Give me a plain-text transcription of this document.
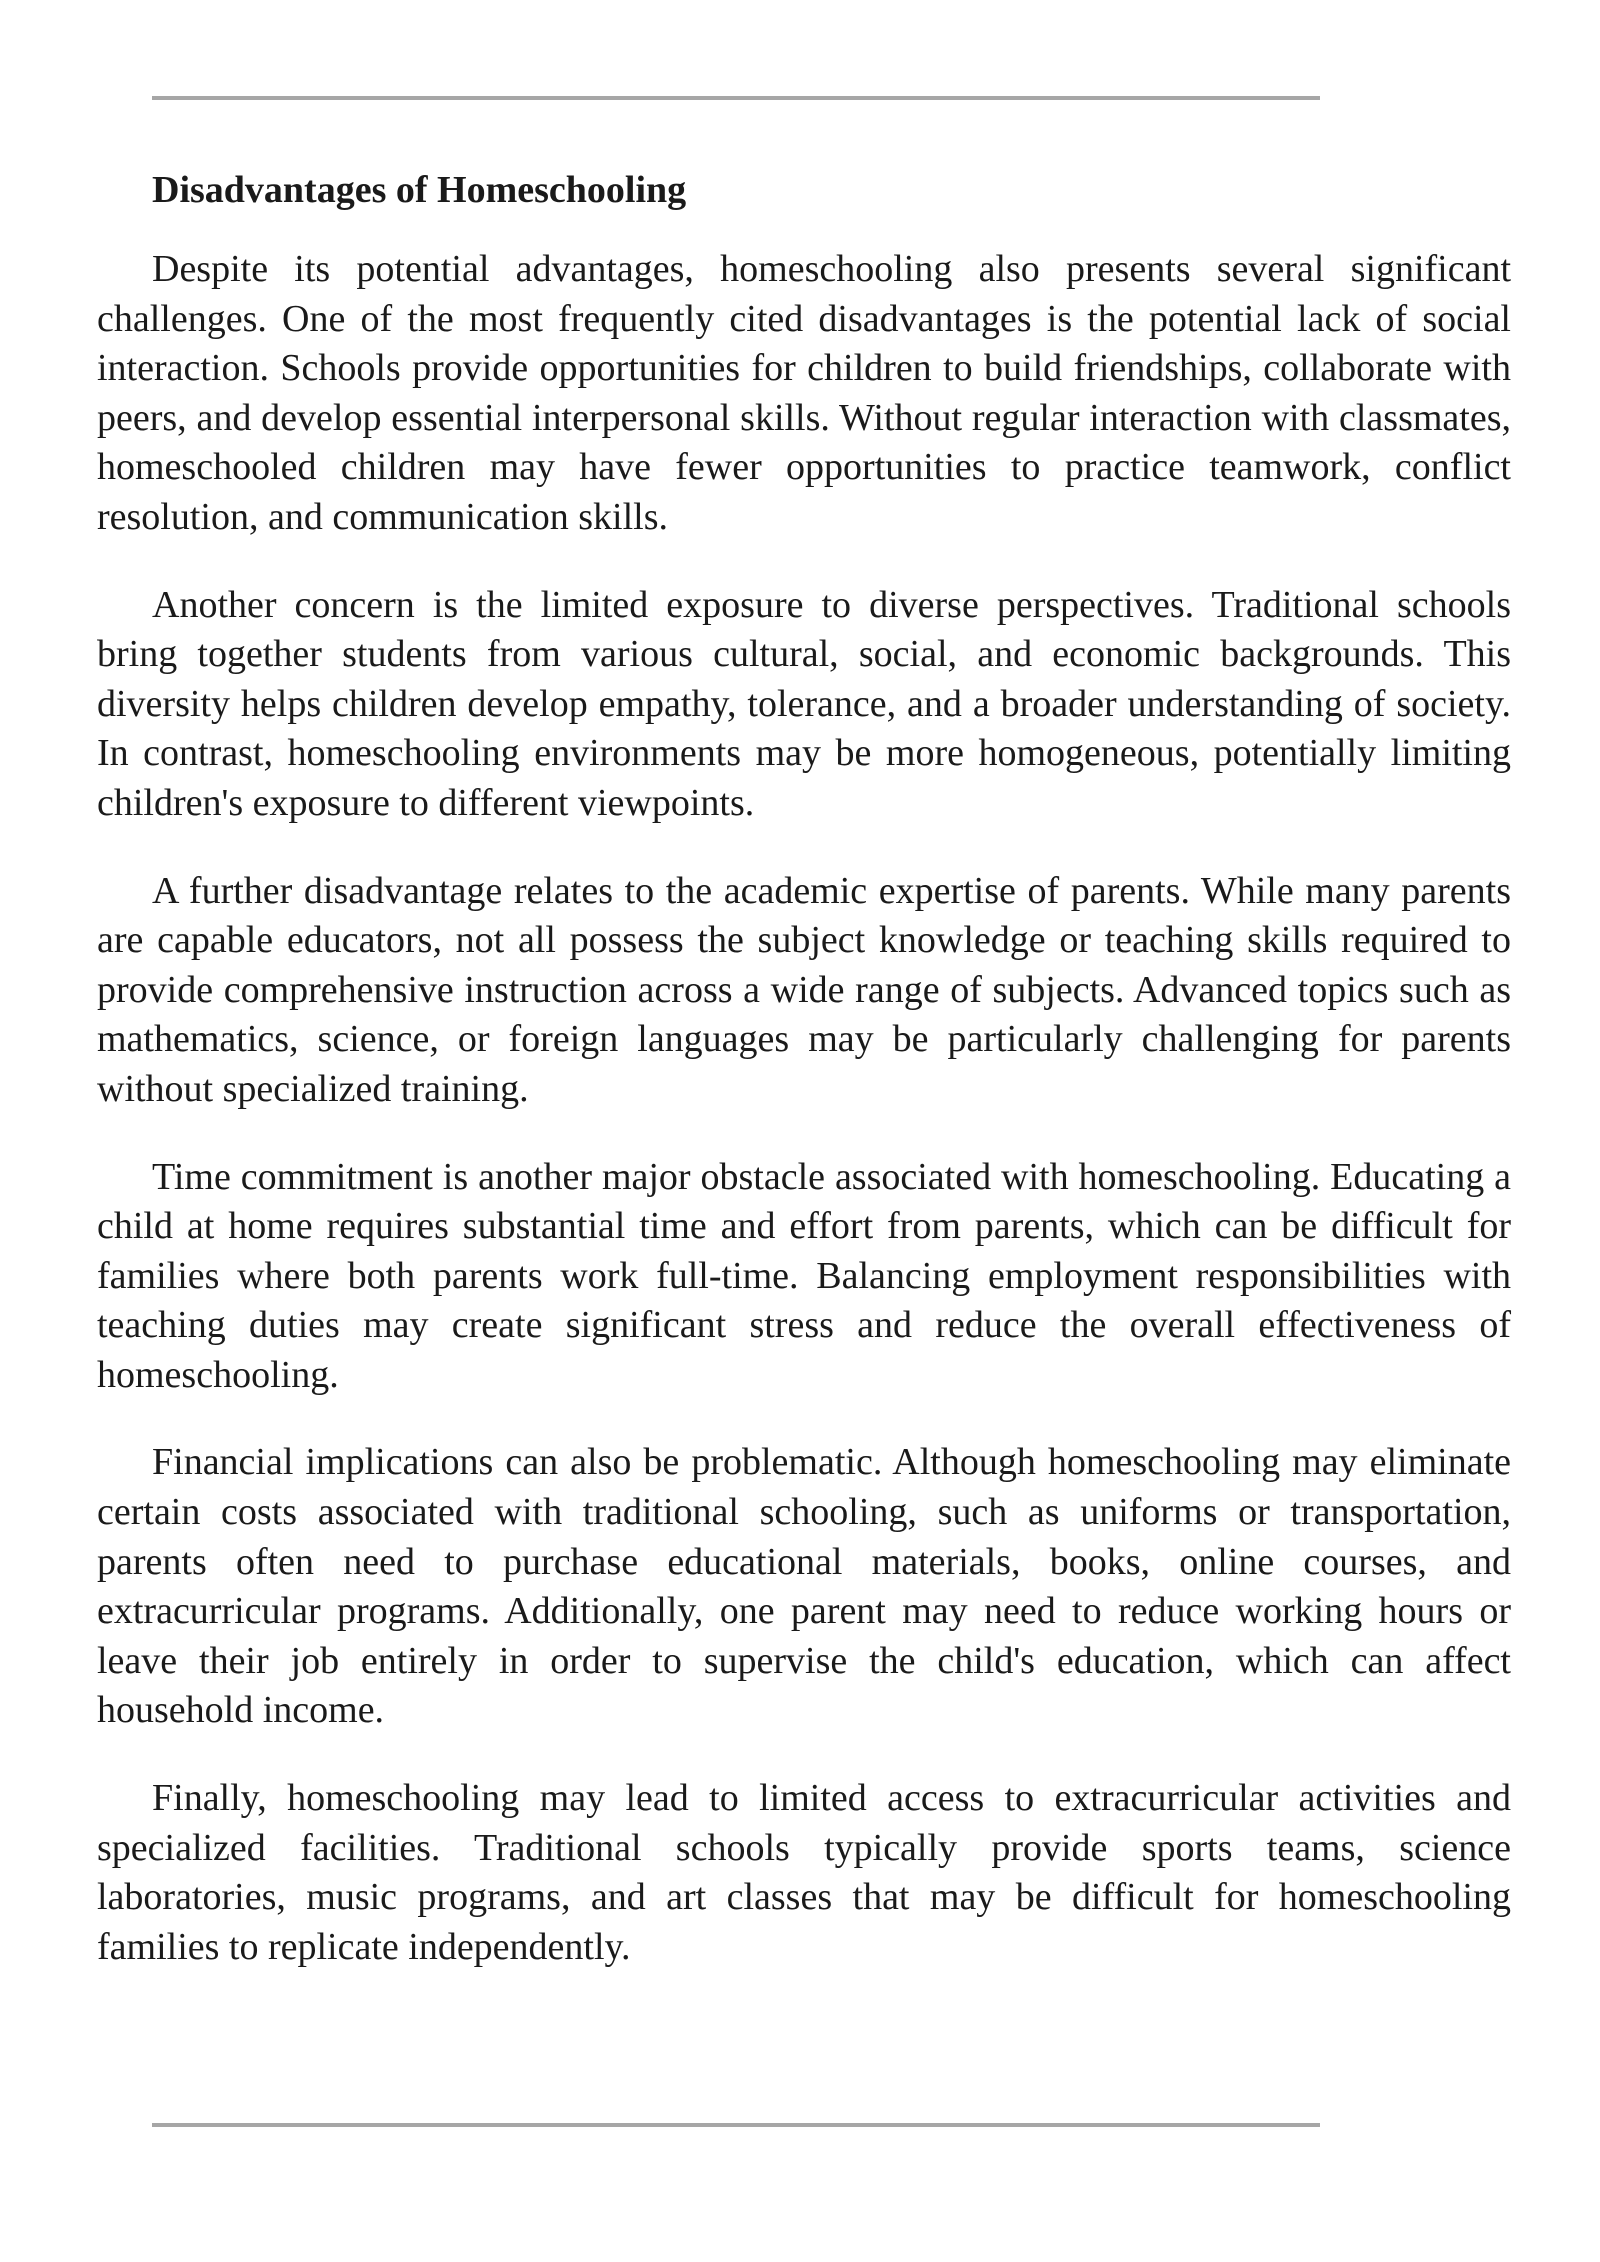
Disadvantages of Homeschooling

Despite its potential advantages, homeschooling also presents several significant challenges. One of the most frequently cited disadvantages is the potential lack of social interaction. Schools provide opportunities for children to build friendships, collaborate with peers, and develop essential interpersonal skills. Without regular interaction with classmates, homeschooled children may have fewer opportunities to practice teamwork, conflict resolution, and communication skills.

Another concern is the limited exposure to diverse perspectives. Traditional schools bring together students from various cultural, social, and economic backgrounds. This diversity helps children develop empathy, tolerance, and a broader understanding of society. In contrast, homeschooling environments may be more homogeneous, potentially limiting children's exposure to different viewpoints.

A further disadvantage relates to the academic expertise of parents. While many parents are capable educators, not all possess the subject knowledge or teaching skills required to provide comprehensive instruction across a wide range of subjects. Advanced topics such as mathematics, science, or foreign languages may be particularly challenging for parents without specialized training.

Time commitment is another major obstacle associated with homeschooling. Educating a child at home requires substantial time and effort from parents, which can be difficult for families where both parents work full-time. Balancing employment responsibilities with teaching duties may create significant stress and reduce the overall effectiveness of homeschooling.

Financial implications can also be problematic. Although homeschooling may eliminate certain costs associated with traditional schooling, such as uniforms or transportation, parents often need to purchase educational materials, books, online courses, and extracurricular programs. Additionally, one parent may need to reduce working hours or leave their job entirely in order to supervise the child's education, which can affect household income.

Finally, homeschooling may lead to limited access to extracurricular activities and specialized facilities. Traditional schools typically provide sports teams, science laboratories, music programs, and art classes that may be difficult for homeschooling families to replicate independently.
